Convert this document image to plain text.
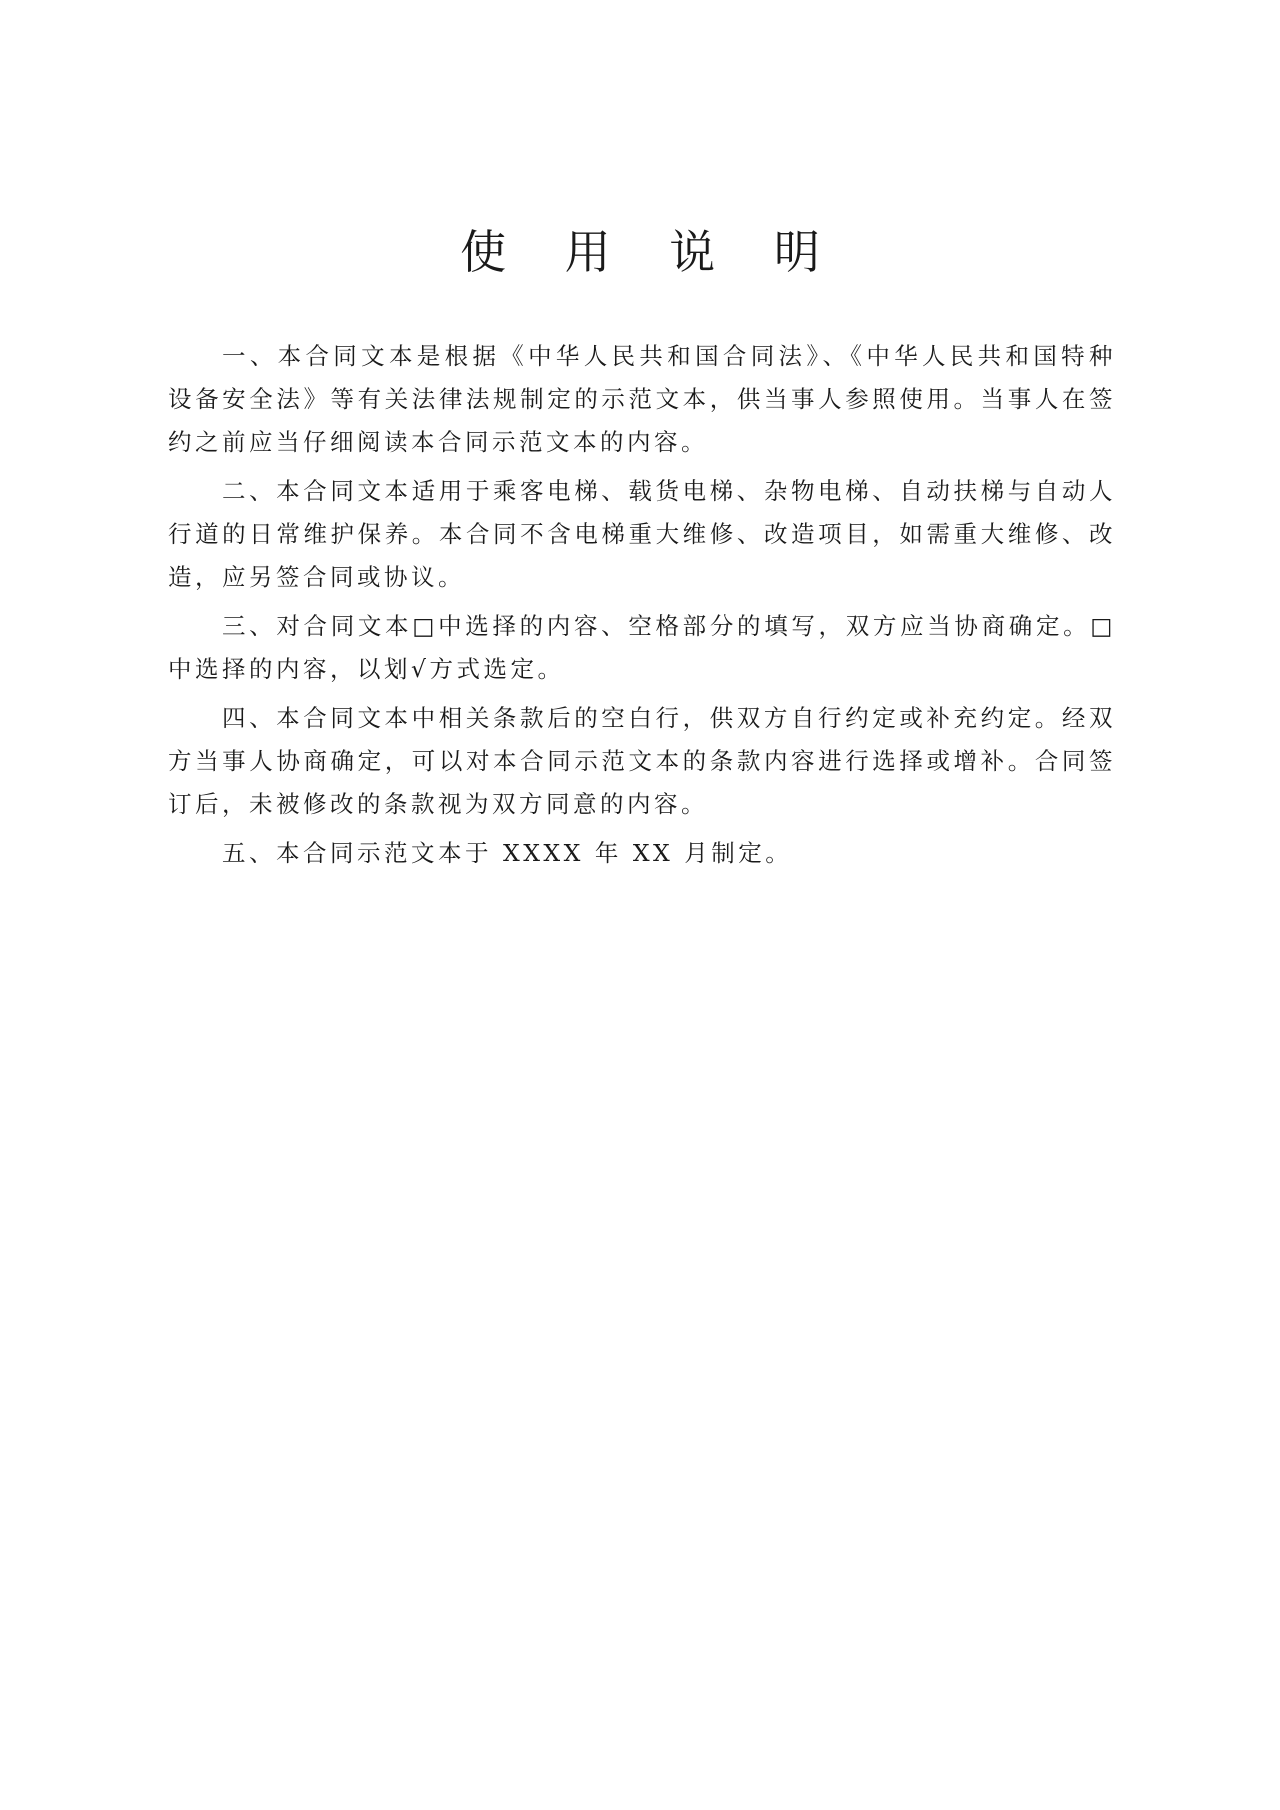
使 用 说 明

一、本合同文本是根据《中华人民共和国合同法》、《中华人民共和国特种设备安全法》等有关法律法规制定的示范文本，供当事人参照使用。当事人在签约之前应当仔细阅读本合同示范文本的内容。

二、本合同文本适用于乘客电梯、载货电梯、杂物电梯、自动扶梯与自动人行道的日常维护保养。本合同不含电梯重大维修、改造项目，如需重大维修、改造，应另签合同或协议。

三、对合同文本□中选择的内容、空格部分的填写，双方应当协商确定。□中选择的内容，以划√方式选定。

四、本合同文本中相关条款后的空白行，供双方自行约定或补充约定。经双方当事人协商确定，可以对本合同示范文本的条款内容进行选择或增补。合同签订后，未被修改的条款视为双方同意的内容。

五、本合同示范文本于 XXXX 年 XX 月制定。
